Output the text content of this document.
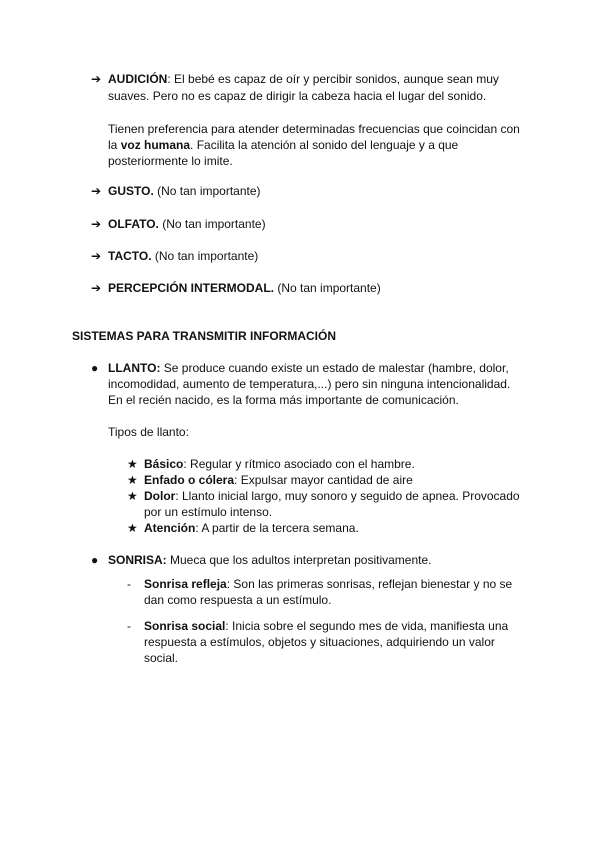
➔ AUDICIÓN: El bebé es capaz de oír y percibir sonidos, aunque sean muy
suaves. Pero no es capaz de dirigir la cabeza hacia el lugar del sonido.
Tienen preferencia para atender determinadas frecuencias que coincidan con
la voz humana. Facilita la atención al sonido del lenguaje y a que
posteriormente lo imite.
➔ GUSTO. (No tan importante)
➔ OLFATO. (No tan importante)
➔ TACTO. (No tan importante)
➔ PERCEPCIÓN INTERMODAL. (No tan importante)
SISTEMAS PARA TRANSMITIR INFORMACIÓN
● LLANTO: Se produce cuando existe un estado de malestar (hambre, dolor,
incomodidad, aumento de temperatura,...) pero sin ninguna intencionalidad.
En el recién nacido, es la forma más importante de comunicación.
Tipos de llanto:
★ Básico: Regular y rítmico asociado con el hambre.
★ Enfado o cólera: Expulsar mayor cantidad de aire
★ Dolor: Llanto inicial largo, muy sonoro y seguido de apnea. Provocado
por un estímulo intenso.
★ Atención: A partir de la tercera semana.
● SONRISA: Mueca que los adultos interpretan positivamente.
- Sonrisa refleja: Son las primeras sonrisas, reflejan bienestar y no se
dan como respuesta a un estímulo.
- Sonrisa social: Inicia sobre el segundo mes de vida, manifiesta una
respuesta a estímulos, objetos y situaciones, adquiriendo un valor
social.
